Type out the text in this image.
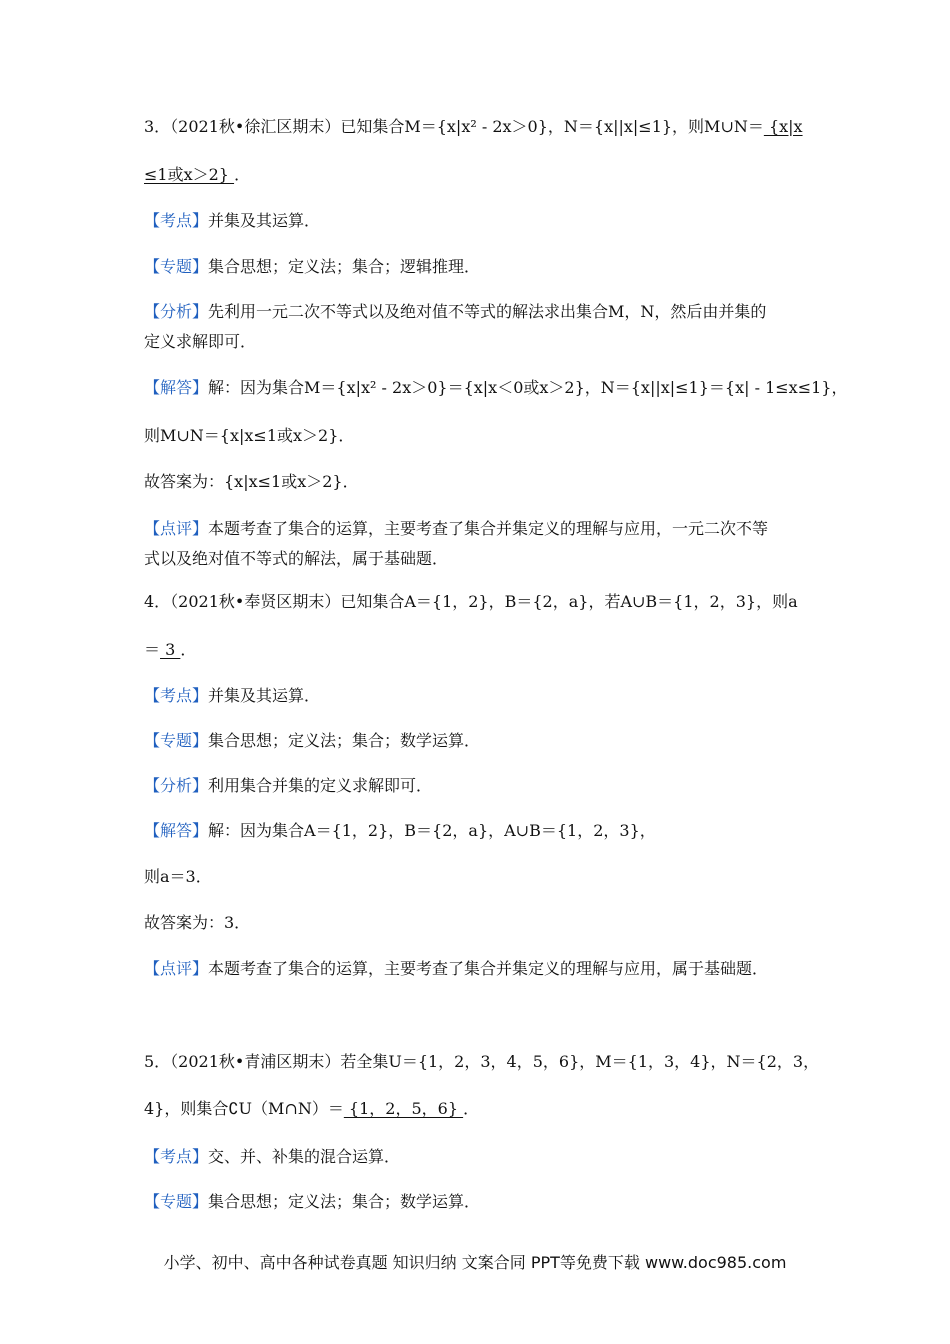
3．（2021秋•徐汇区期末）已知集合M＝{x|x² - 2x＞0}，N＝{x||x|≤1}，则M∪N＝ {x|x
≤1或x＞2} ．
【考点】并集及其运算．
【专题】集合思想；定义法；集合；逻辑推理．
【分析】先利用一元二次不等式以及绝对值不等式的解法求出集合M，N，然后由并集的
定义求解即可．
【解答】解：因为集合M＝{x|x² - 2x＞0}＝{x|x＜0或x＞2}，N＝{x||x|≤1}＝{x| - 1≤x≤1}，
则M∪N＝{x|x≤1或x＞2}．
故答案为：{x|x≤1或x＞2}．
【点评】本题考查了集合的运算，主要考查了集合并集定义的理解与应用，一元二次不等
式以及绝对值不等式的解法，属于基础题．
4．（2021秋•奉贤区期末）已知集合A＝{1，2}，B＝{2，a}，若A∪B＝{1，2，3}，则a
＝ 3 ．
【考点】并集及其运算．
【专题】集合思想；定义法；集合；数学运算．
【分析】利用集合并集的定义求解即可．
【解答】解：因为集合A＝{1，2}，B＝{2，a}，A∪B＝{1，2，3}，
则a＝3．
故答案为：3．
【点评】本题考查了集合的运算，主要考查了集合并集定义的理解与应用，属于基础题．
5．（2021秋•青浦区期末）若全集U＝{1，2，3，4，5，6}，M＝{1，3，4}，N＝{2，3，
4}，则集合∁U（M∩N）＝ {1，2，5，6} ．
【考点】交、并、补集的混合运算．
【专题】集合思想；定义法；集合；数学运算．
小学、初中、高中各种试卷真题 知识归纳 文案合同 PPT等免费下载 www.doc985.com
